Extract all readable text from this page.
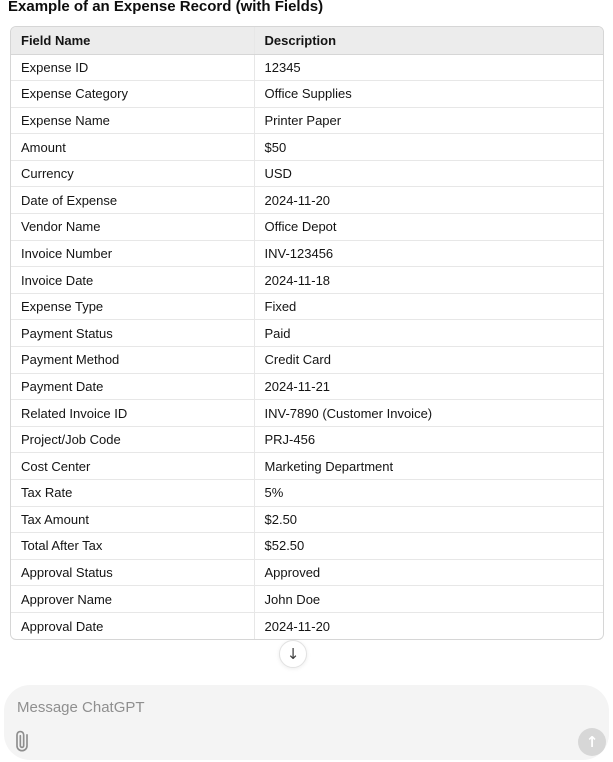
Example of an Expense Record (with Fields)
Field Name	Description
Expense ID	12345
Expense Category	Office Supplies
Expense Name	Printer Paper
Amount	$50
Currency	USD
Date of Expense	2024-11-20
Vendor Name	Office Depot
Invoice Number	INV-123456
Invoice Date	2024-11-18
Expense Type	Fixed
Payment Status	Paid
Payment Method	Credit Card
Payment Date	2024-11-21
Related Invoice ID	INV-7890 (Customer Invoice)
Project/Job Code	PRJ-456
Cost Center	Marketing Department
Tax Rate	5%
Tax Amount	$2.50
Total After Tax	$52.50
Approval Status	Approved
Approver Name	John Doe
Approval Date	2024-11-20
↓
Message ChatGPT
↑
